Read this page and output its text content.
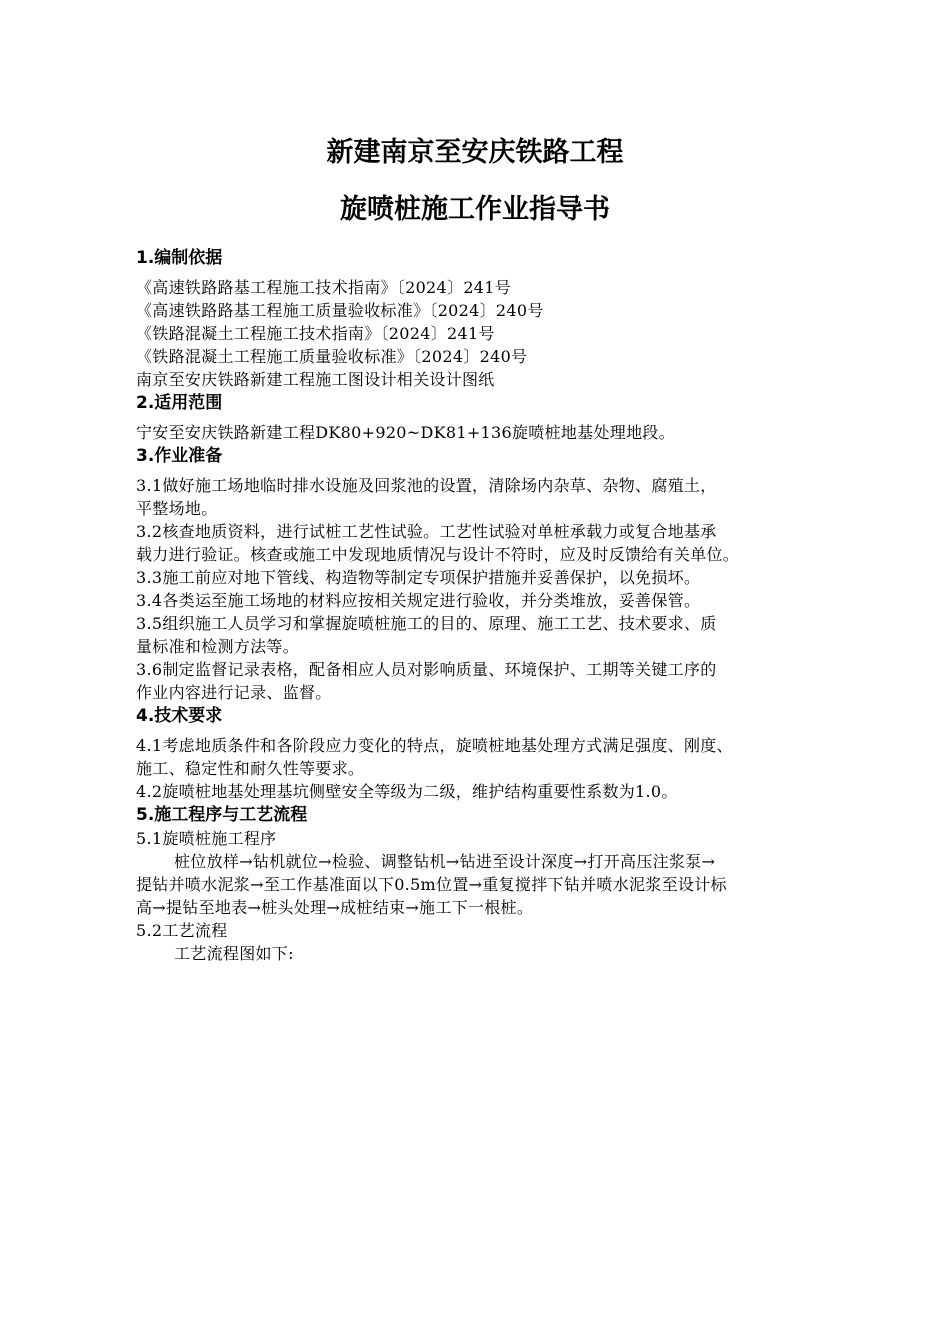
新建南京至安庆铁路工程
旋喷桩施工作业指导书
1.编制依据
《高速铁路路基工程施工技术指南》〔2024〕241号
《高速铁路路基工程施工质量验收标准》〔2024〕240号
《铁路混凝土工程施工技术指南》〔2024〕241号
《铁路混凝土工程施工质量验收标准》〔2024〕240号
南京至安庆铁路新建工程施工图设计相关设计图纸
2.适用范围
宁安至安庆铁路新建工程DK80+920~DK81+136旋喷桩地基处理地段。
3.作业准备
3.1做好施工场地临时排水设施及回浆池的设置，清除场内杂草、杂物、腐殖土，
平整场地。
3.2核查地质资料，进行试桩工艺性试验。工艺性试验对单桩承载力或复合地基承
载力进行验证。核查或施工中发现地质情况与设计不符时，应及时反馈给有关单位。
3.3施工前应对地下管线、构造物等制定专项保护措施并妥善保护，以免损坏。
3.4各类运至施工场地的材料应按相关规定进行验收，并分类堆放，妥善保管。
3.5组织施工人员学习和掌握旋喷桩施工的目的、原理、施工工艺、技术要求、质
量标准和检测方法等。
3.6制定监督记录表格，配备相应人员对影响质量、环境保护、工期等关键工序的
作业内容进行记录、监督。
4.技术要求
4.1考虑地质条件和各阶段应力变化的特点，旋喷桩地基处理方式满足强度、刚度、
施工、稳定性和耐久性等要求。
4.2旋喷桩地基处理基坑侧壁安全等级为二级，维护结构重要性系数为1.0。
5.施工程序与工艺流程
5.1旋喷桩施工程序
桩位放样→钻机就位→检验、调整钻机→钻进至设计深度→打开高压注浆泵→
提钻并喷水泥浆→至工作基准面以下0.5m位置→重复搅拌下钻并喷水泥浆至设计标
高→提钻至地表→桩头处理→成桩结束→施工下一根桩。
5.2工艺流程
工艺流程图如下:
